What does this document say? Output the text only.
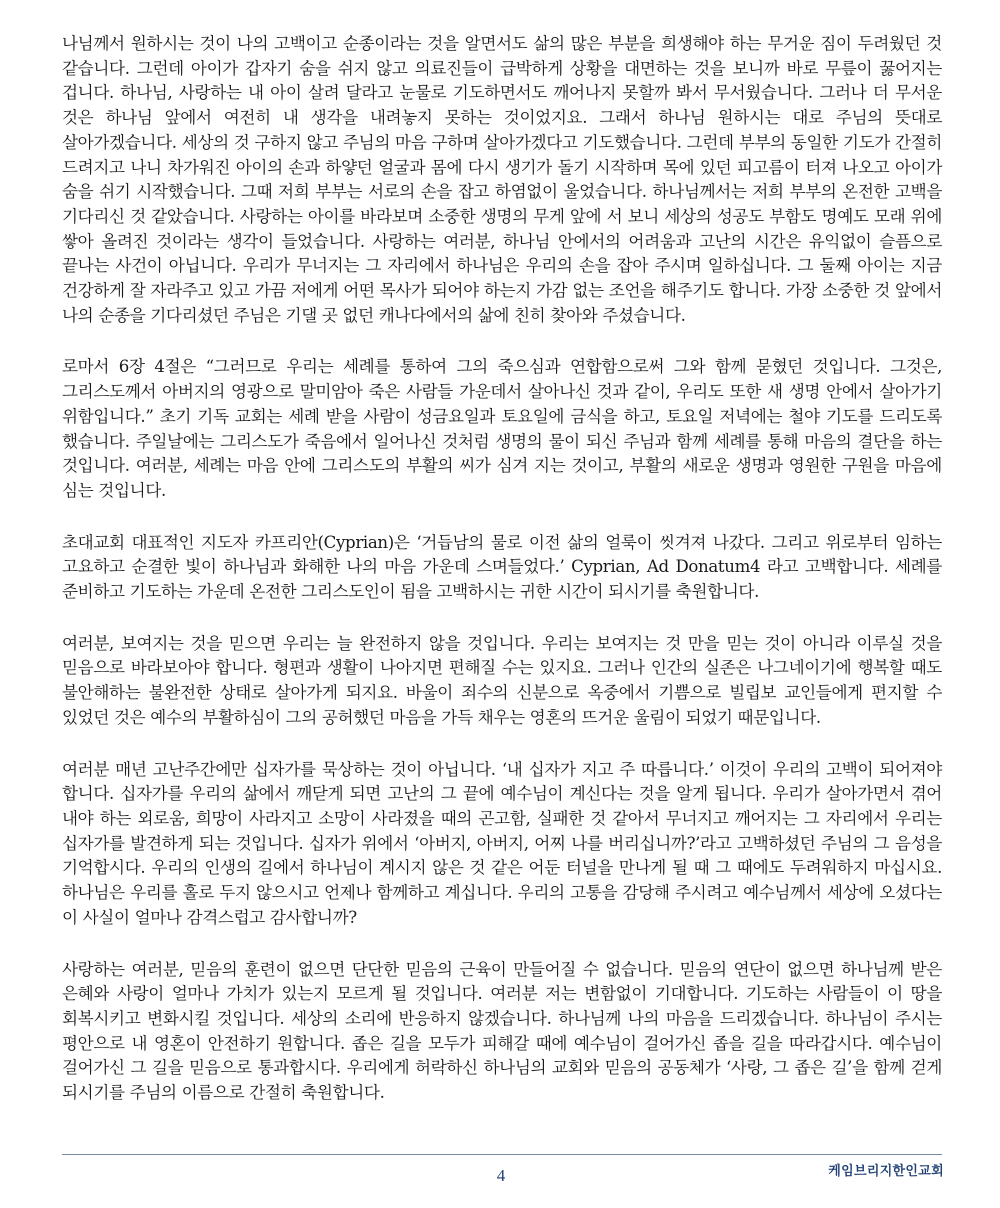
나님께서 원하시는 것이 나의 고백이고 순종이라는 것을 알면서도 삶의 많은 부분을 희생해야 하는 무거운 짐이 두려웠던 것 같습니다. 그런데 아이가 갑자기 숨을 쉬지 않고 의료진들이 급박하게 상황을 대면하는 것을 보니까 바로 무릎이 꿇어지는 겁니다. 하나님, 사랑하는 내 아이 살려 달라고 눈물로 기도하면서도 깨어나지 못할까 봐서 무서웠습니다. 그러나 더 무서운 것은 하나님 앞에서 여전히 내 생각을 내려놓지 못하는 것이었지요. 그래서 하나님 원하시는 대로 주님의 뜻대로 살아가겠습니다. 세상의 것 구하지 않고 주님의 마음 구하며 살아가겠다고 기도했습니다. 그런데 부부의 동일한 기도가 간절히 드려지고 나니 차가워진 아이의 손과 하얗던 얼굴과 몸에 다시 생기가 돌기 시작하며 목에 있던 피고름이 터져 나오고 아이가 숨을 쉬기 시작했습니다. 그때 저희 부부는 서로의 손을 잡고 하염없이 울었습니다. 하나님께서는 저희 부부의 온전한 고백을 기다리신 것 같았습니다. 사랑하는 아이를 바라보며 소중한 생명의 무게 앞에 서 보니 세상의 성공도 부함도 명예도 모래 위에 쌓아 올려진 것이라는 생각이 들었습니다. 사랑하는 여러분, 하나님 안에서의 어려움과 고난의 시간은 유익없이 슬픔으로 끝나는 사건이 아닙니다. 우리가 무너지는 그 자리에서 하나님은 우리의 손을 잡아 주시며 일하십니다. 그 둘째 아이는 지금 건강하게 잘 자라주고 있고 가끔 저에게 어떤 목사가 되어야 하는지 가감 없는 조언을 해주기도 합니다. 가장 소중한 것 앞에서 나의 순종을 기다리셨던 주님은 기댈 곳 없던 캐나다에서의 삶에 친히 찾아와 주셨습니다.

로마서 6장 4절은 “그러므로 우리는 세례를 통하여 그의 죽으심과 연합함으로써 그와 함께 묻혔던 것입니다. 그것은, 그리스도께서 아버지의 영광으로 말미암아 죽은 사람들 가운데서 살아나신 것과 같이, 우리도 또한 새 생명 안에서 살아가기 위함입니다.” 초기 기독 교회는 세례 받을 사람이 성금요일과 토요일에 금식을 하고, 토요일 저녁에는 철야 기도를 드리도록 했습니다. 주일날에는 그리스도가 죽음에서 일어나신 것처럼 생명의 물이 되신 주님과 함께 세례를 통해 마음의 결단을 하는 것입니다. 여러분, 세례는 마음 안에 그리스도의 부활의 씨가 심겨 지는 것이고, 부활의 새로운 생명과 영원한 구원을 마음에 심는 것입니다.

초대교회 대표적인 지도자 카프리안(Cyprian)은 ‘거듭남의 물로 이전 삶의 얼룩이 씻겨져 나갔다. 그리고 위로부터 임하는 고요하고 순결한 빛이 하나님과 화해한 나의 마음 가운데 스며들었다.’ Cyprian, Ad Donatum4 라고 고백합니다. 세례를 준비하고 기도하는 가운데 온전한 그리스도인이 됨을 고백하시는 귀한 시간이 되시기를 축원합니다.

여러분, 보여지는 것을 믿으면 우리는 늘 완전하지 않을 것입니다. 우리는 보여지는 것 만을 믿는 것이 아니라 이루실 것을 믿음으로 바라보아야 합니다. 형편과 생활이 나아지면 편해질 수는 있지요. 그러나 인간의 실존은 나그네이기에 행복할 때도 불안해하는 불완전한 상태로 살아가게 되지요. 바울이 죄수의 신분으로 옥중에서 기쁨으로 빌립보 교인들에게 편지할 수 있었던 것은 예수의 부활하심이 그의 공허했던 마음을 가득 채우는 영혼의 뜨거운 울림이 되었기 때문입니다.

여러분 매년 고난주간에만 십자가를 묵상하는 것이 아닙니다. ‘내 십자가 지고 주 따릅니다.’ 이것이 우리의 고백이 되어져야 합니다. 십자가를 우리의 삶에서 깨닫게 되면 고난의 그 끝에 예수님이 계신다는 것을 알게 됩니다. 우리가 살아가면서 겪어 내야 하는 외로움, 희망이 사라지고 소망이 사라졌을 때의 곤고함, 실패한 것 같아서 무너지고 깨어지는 그 자리에서 우리는 십자가를 발견하게 되는 것입니다. 십자가 위에서 ‘아버지, 아버지, 어찌 나를 버리십니까?’라고 고백하셨던 주님의 그 음성을 기억합시다. 우리의 인생의 길에서 하나님이 계시지 않은 것 같은 어둔 터널을 만나게 될 때 그 때에도 두려워하지 마십시요. 하나님은 우리를 홀로 두지 않으시고 언제나 함께하고 계십니다. 우리의 고통을 감당해 주시려고 예수님께서 세상에 오셨다는 이 사실이 얼마나 감격스럽고 감사합니까?

사랑하는 여러분, 믿음의 훈련이 없으면 단단한 믿음의 근육이 만들어질 수 없습니다. 믿음의 연단이 없으면 하나님께 받은 은혜와 사랑이 얼마나 가치가 있는지 모르게 될 것입니다. 여러분 저는 변함없이 기대합니다. 기도하는 사람들이 이 땅을 회복시키고 변화시킬 것입니다. 세상의 소리에 반응하지 않겠습니다. 하나님께 나의 마음을 드리겠습니다. 하나님이 주시는 평안으로 내 영혼이 안전하기 원합니다. 좁은 길을 모두가 피해갈 때에 예수님이 걸어가신 좁을 길을 따라갑시다. 예수님이 걸어가신 그 길을 믿음으로 통과합시다. 우리에게 허락하신 하나님의 교회와 믿음의 공동체가 ‘사랑, 그 좁은 길’을 함께 걷게 되시기를 주님의 이름으로 간절히 축원합니다.

4	케임브리지한인교회
